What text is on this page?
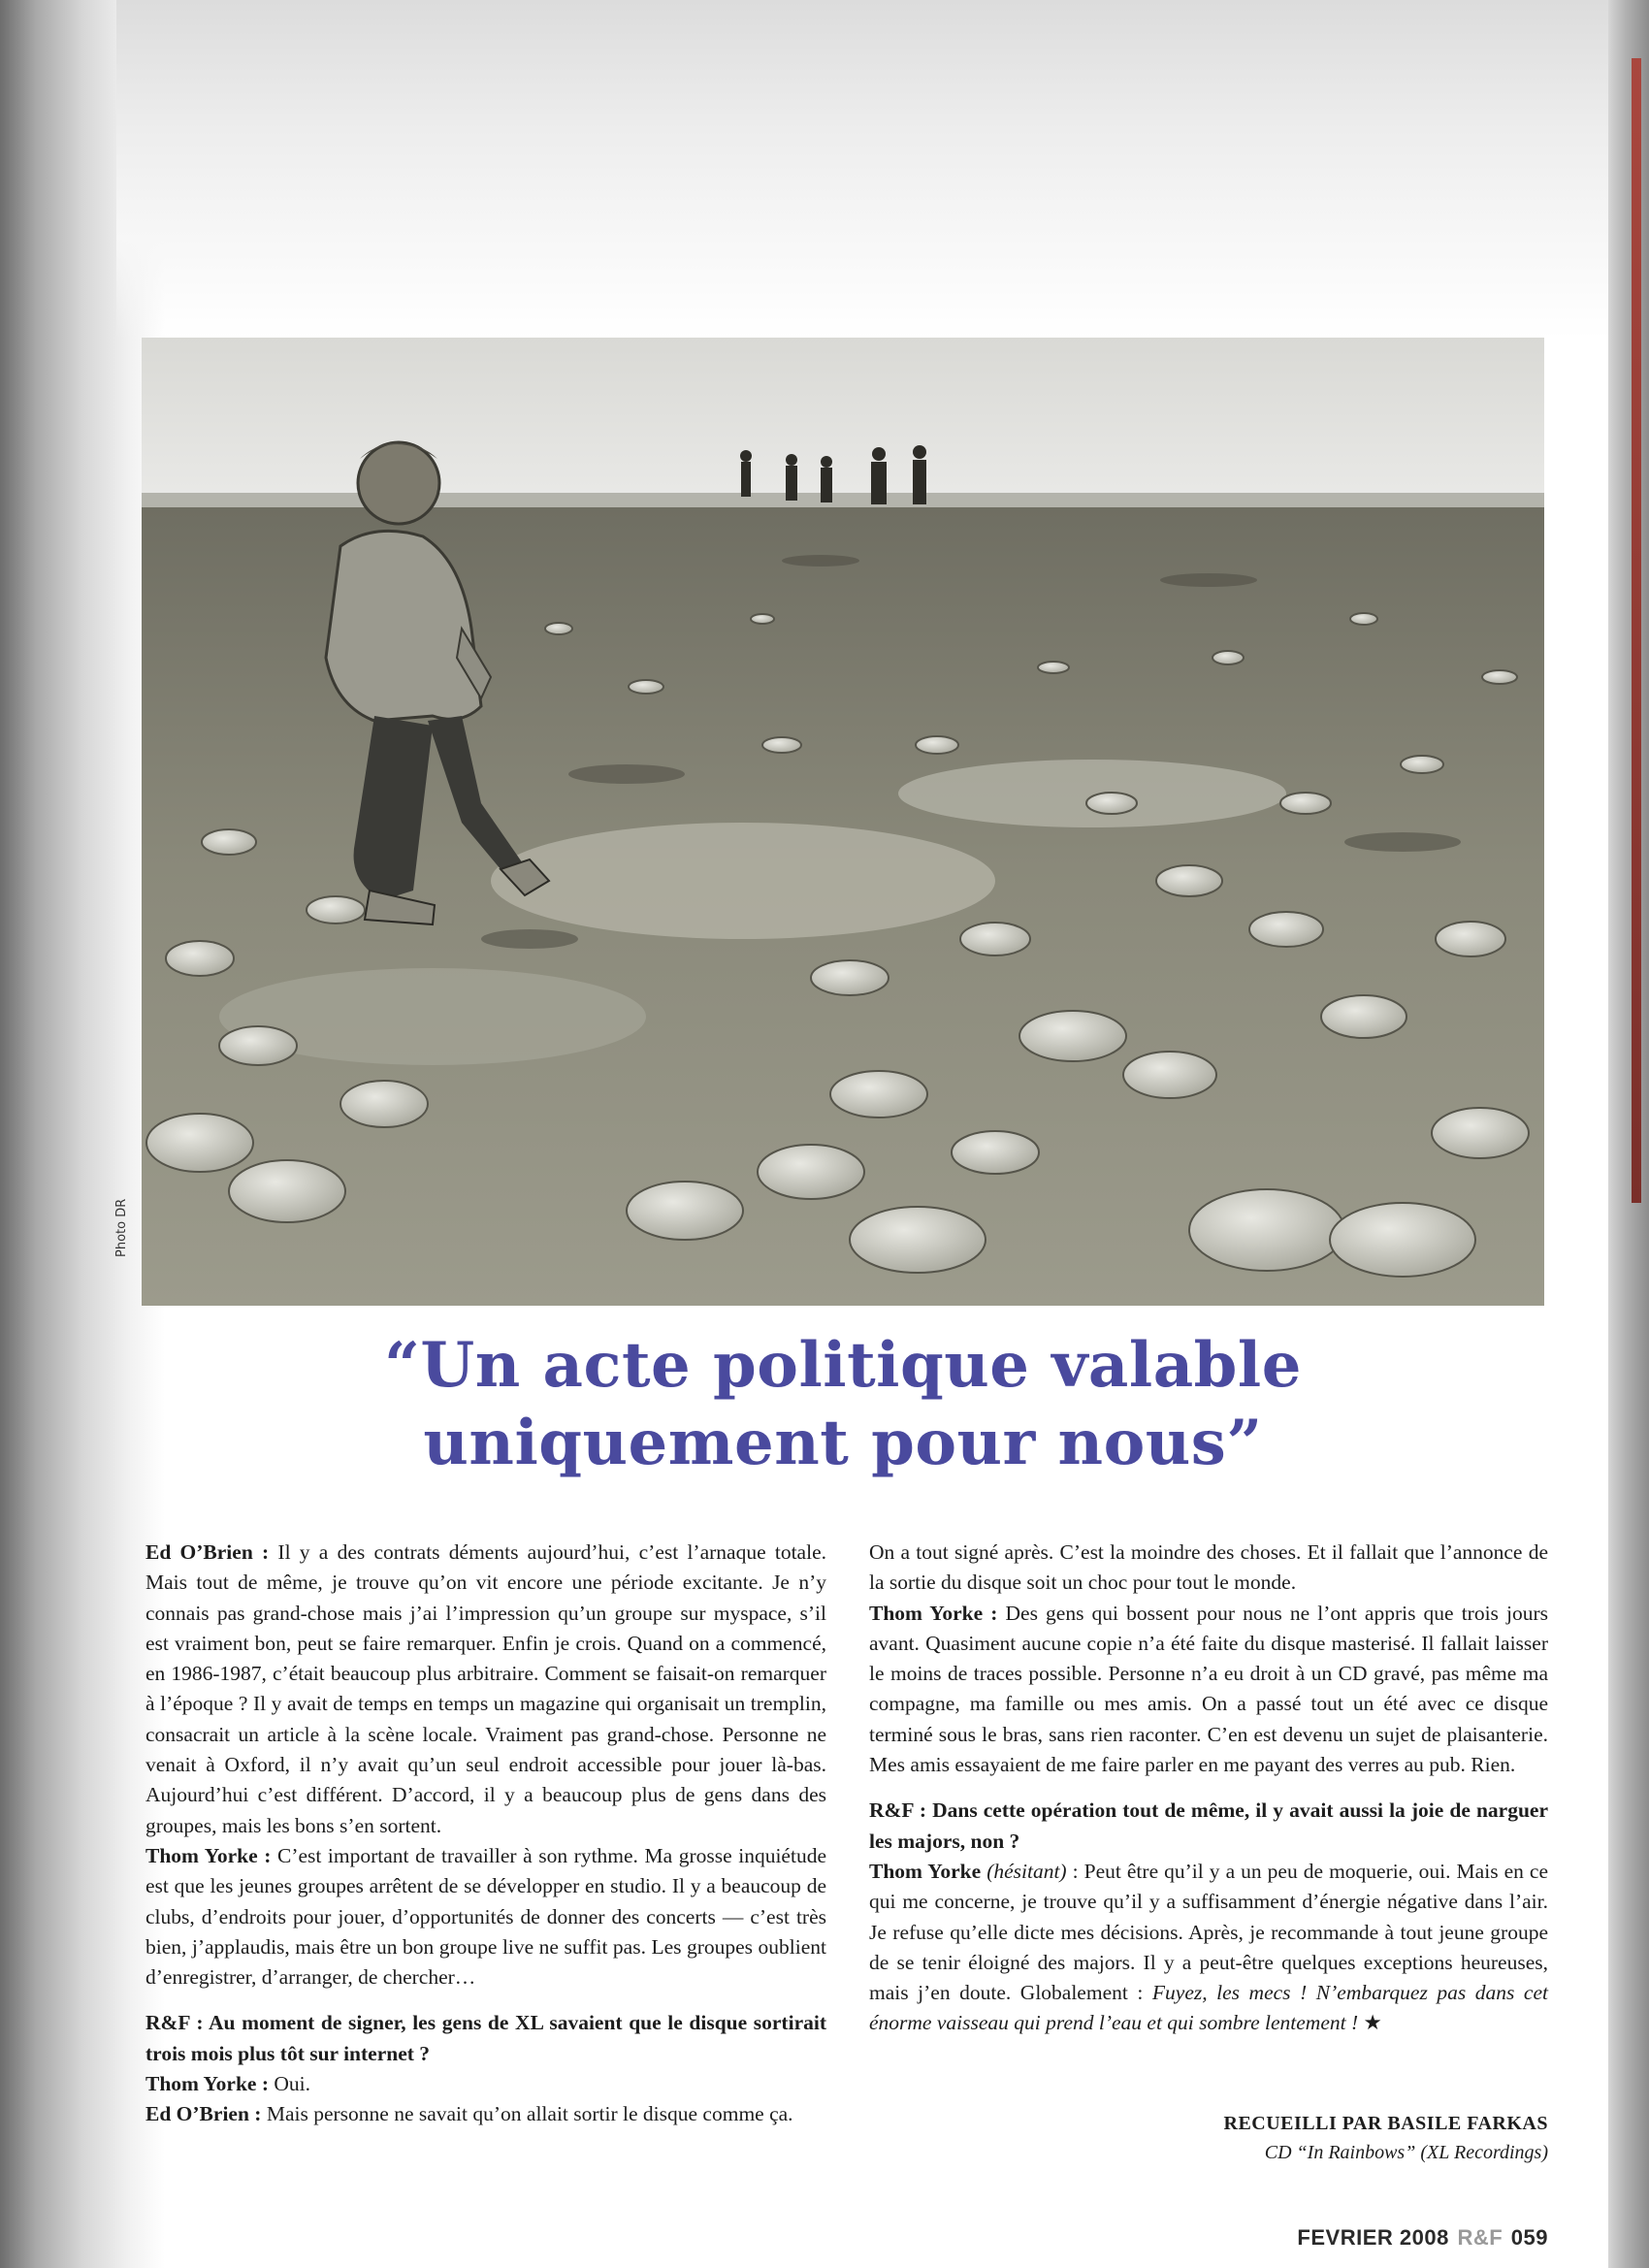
Photo DR
“Un acte politique valable
uniquement pour nous”

Ed O’Brien : Il y a des contrats déments aujourd’hui, c’est l’arnaque totale. Mais tout de même, je trouve qu’on vit encore une période excitante. Je n’y connais pas grand-chose mais j’ai l’impression qu’un groupe sur myspace, s’il est vraiment bon, peut se faire remarquer. Enfin je crois. Quand on a commencé, en 1986-1987, c’était beaucoup plus arbitraire. Comment se faisait-on remarquer à l’époque ? Il y avait de temps en temps un magazine qui organisait un tremplin, consacrait un article à la scène locale. Vraiment pas grand-chose. Personne ne venait à Oxford, il n’y avait qu’un seul endroit accessible pour jouer là-bas. Aujourd’hui c’est différent. D’accord, il y a beaucoup plus de gens dans des groupes, mais les bons s’en sortent.

Thom Yorke : C’est important de travailler à son rythme. Ma grosse inquiétude est que les jeunes groupes arrêtent de se développer en studio. Il y a beaucoup de clubs, d’endroits pour jouer, d’opportunités de donner des concerts — c’est très bien, j’applaudis, mais être un bon groupe live ne suffit pas. Les groupes oublient d’enregistrer, d’arranger, de chercher…

R&F : Au moment de signer, les gens de XL savaient que le disque sortirait trois mois plus tôt sur internet ?

Thom Yorke : Oui.

Ed O’Brien : Mais personne ne savait qu’on allait sortir le disque comme ça.

On a tout signé après. C’est la moindre des choses. Et il fallait que l’annonce de la sortie du disque soit un choc pour tout le monde.

Thom Yorke : Des gens qui bossent pour nous ne l’ont appris que trois jours avant. Quasiment aucune copie n’a été faite du disque masterisé. Il fallait laisser le moins de traces possible. Personne n’a eu droit à un CD gravé, pas même ma compagne, ma famille ou mes amis. On a passé tout un été avec ce disque terminé sous le bras, sans rien raconter. C’en est devenu un sujet de plaisanterie. Mes amis essayaient de me faire parler en me payant des verres au pub. Rien.

R&F : Dans cette opération tout de même, il y avait aussi la joie de narguer les majors, non ?

Thom Yorke (hésitant) : Peut être qu’il y a un peu de moquerie, oui. Mais en ce qui me concerne, je trouve qu’il y a suffisamment d’énergie négative dans l’air. Je refuse qu’elle dicte mes décisions. Après, je recommande à tout jeune groupe de se tenir éloigné des majors. Il y a peut-être quelques exceptions heureuses, mais j’en doute. Globalement : Fuyez, les mecs ! N’embarquez pas dans cet énorme vaisseau qui prend l’eau et qui sombre lentement ! ★

RECUEILLI PAR BASILE FARKAS
CD “In Rainbows” (XL Recordings)
FEVRIER 2008 R&F 059
